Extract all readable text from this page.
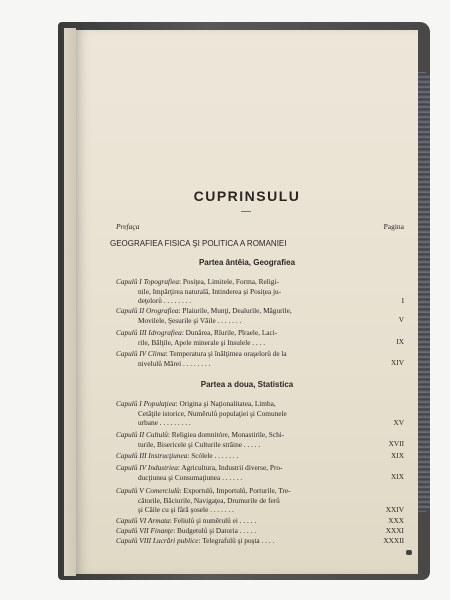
CUPRINSULU
Prefaça	Pagina
GEOGRAFIEA FISICA ŞI POLITICA A ROMANIEI
Partea ântêia, Geografiea
Capulů I Topografiea: Posiţea, Limitele, Forma, Religi-
nile, Impărţirea naturală, Intinderea și Posiţea ju-
deţelorů . . . . . . . .	I
Capulů II Orografiea: Plaiurile, Munţi, Dealurile, Măgurile,
Movilele, Şesurile şi Văile . . . . . . .	V
Capulů III Idrografiea: Dunărea, Rîurile, Pîraele, Laci-
rile, Bălţile, Apele minerale şi Insulele . . . .	IX
Capulů IV Clima: Temperatura şi înălţimea oraşelorů de la
nivelulů Mărei . . . . . . . .	XIV
Partea a doua, Statistica
Capulů I Populaţiea: Origina şi Naţionalitatea, Limba,
Cetăţile istorice, Numěrulů populaţiei şi Comunele
urbane . . . . . . . . .	XV
Capulů II Cultulů: Religiea domnitóre, Monastirile, Schi-
turile, Bisericele şi Culturile străine . . . . .	XVII
Capulů III Instrucţiunea: Scólele . . . . . . .	XIX
Capulů IV Industriea: Agricultura, Industrii diverse, Pro-
ducţiunea şi Consumaţiunea . . . . . .	XIX
Capulů V Comerciulů: Exportulů, Importulů, Porturile, Tre-
cătorile, Băciurile, Navigaţea, Drumurile de ferů
şi Căile cu şi fără şosele . . . . . . .	XXIV
Capulů VI Armata: Feliulů şi numěrulů ei . . . . .	XXX
Capulů VII Finanţe: Budgetulů şi Datoria . . . . .	XXXI
Capulů VIII Lucrări publice: Telegrafulů şi poşta . . . .	XXXII
